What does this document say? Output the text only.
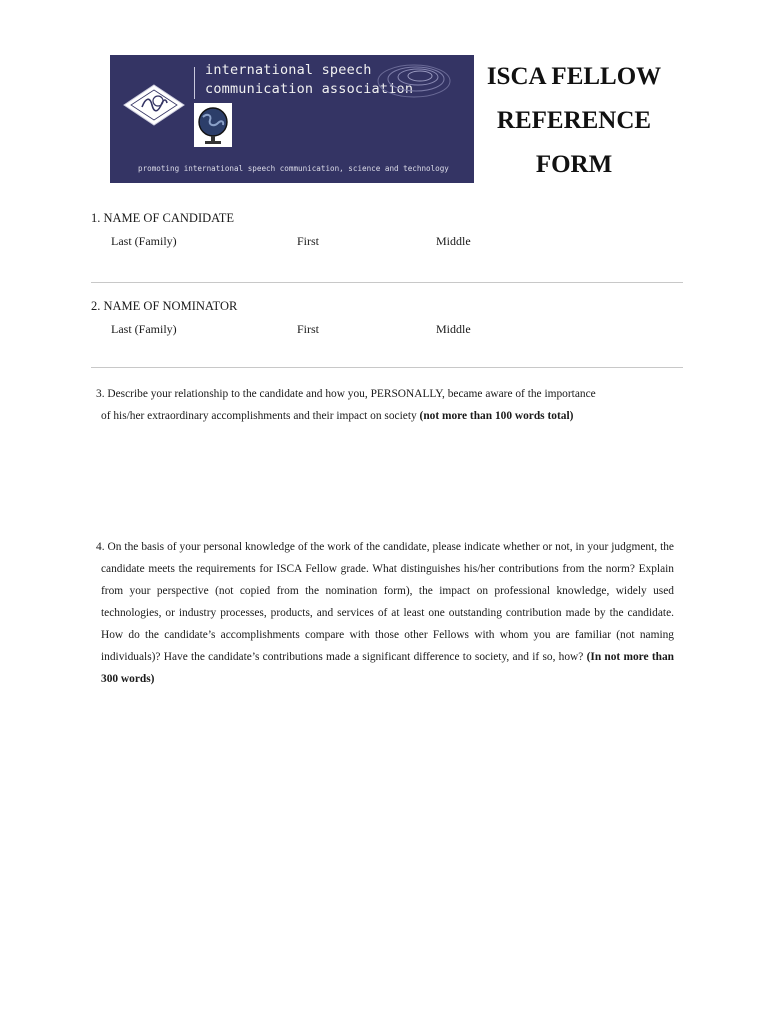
international speech
communication association
promoting international speech communication, science and technology
ISCA FELLOW
REFERENCE
FORM
1. NAME OF CANDIDATE
Last (Family)	First	Middle
2. NAME OF NOMINATOR
Last (Family)	First	Middle
3. Describe your relationship to the candidate and how you, PERSONALLY, became aware of the importance
of his/her extraordinary accomplishments and their impact on society (not more than 100 words total)
4. On the basis of your personal knowledge of the work of the candidate, please indicate whether or not, in your judgment, the candidate meets the requirements for ISCA Fellow grade. What distinguishes his/her contributions from the norm? Explain from your perspective (not copied from the nomination form), the impact on professional knowledge, widely used technologies, or industry processes, products, and services of at least one outstanding contribution made by the candidate. How do the candidate’s accomplishments compare with those other Fellows with whom you are familiar (not naming individuals)? Have the candidate’s contributions made a significant difference to society, and if so, how? (In not more than 300 words)
